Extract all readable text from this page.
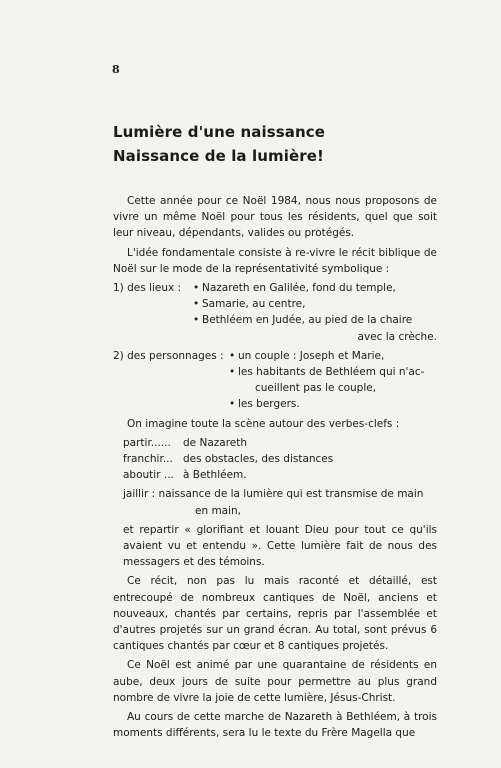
8
Lumière d'une naissance
Naissance de la lumière!

Cette année pour ce Noël 1984, nous nous proposons de vivre un même Noël pour tous les résidents, quel que soit leur niveau, dépendants, valides ou protégés.

L'idée fondamentale consiste à re-vivre le récit biblique de Noël sur le mode de la représentativité symbolique :

1) des lieux :	• Nazareth en Galilée, fond du temple,
• Samarie, au centre,
• Bethléem en Judée, au pied de la chaire
avec la crèche.
2) des personnages :	• un couple : Joseph et Marie,
• les habitants de Bethléem qui n'ac-
cueillent pas le couple,
• les bergers.

On imagine toute la scène autour des verbes-clefs :

partir......	de Nazareth
franchir... des obstacles, des distances
aboutir ... à Bethléem.
jaillir : naissance de la lumière qui est transmise de main
en main,
et repartir « glorifiant et louant Dieu pour tout ce qu'ils avaient vu et entendu ». Cette lumière fait de nous des messagers et des témoins.

Ce récit, non pas lu mais raconté et détaillé, est entrecoupé de nombreux cantiques de Noël, anciens et nouveaux, chantés par certains, repris par l'assemblée et d'autres projetés sur un grand écran. Au total, sont prévus 6 cantiques chantés par cœur et 8 cantiques projetés.

Ce Noël est animé par une quarantaine de résidents en aube, deux jours de suite pour permettre au plus grand nombre de vivre la joie de cette lumière, Jésus-Christ.

Au cours de cette marche de Nazareth à Bethléem, à trois moments différents, sera lu le texte du Frère Magella que
